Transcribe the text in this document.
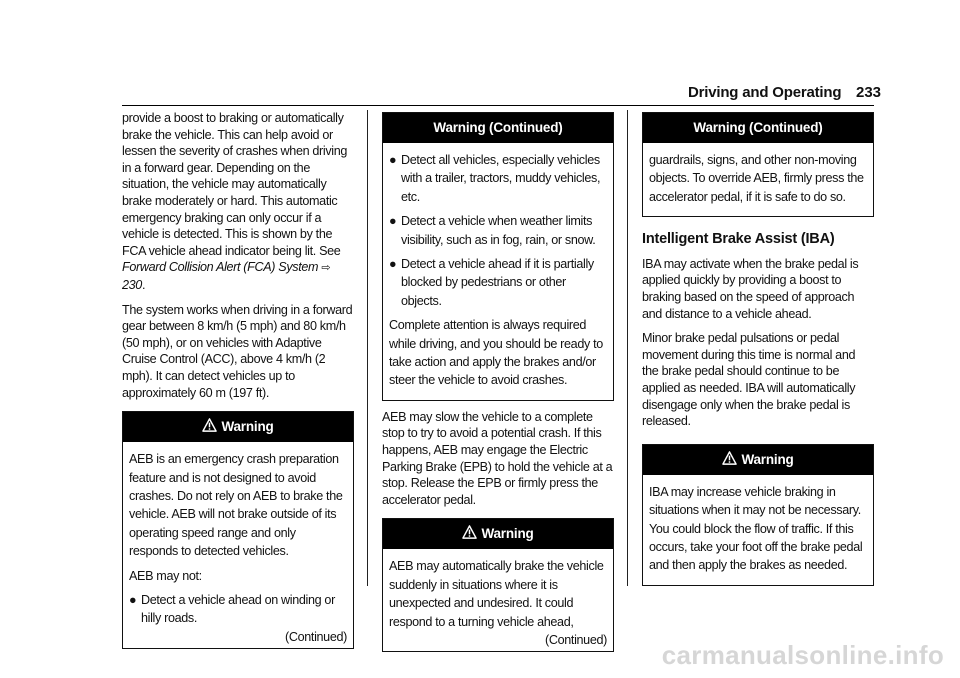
Driving and Operating 233

provide a boost to braking or automatically brake the vehicle. This can help avoid or lessen the severity of crashes when driving in a forward gear. Depending on the situation, the vehicle may automatically brake moderately or hard. This automatic emergency braking can only occur if a vehicle is detected. This is shown by the FCA vehicle ahead indicator being lit. See Forward Collision Alert (FCA) System ⇨ 230.

The system works when driving in a forward gear between 8 km/h (5 mph) and 80 km/h (50 mph), or on vehicles with Adaptive Cruise Control (ACC), above 4 km/h (2 mph). It can detect vehicles up to approximately 60 m (197 ft).

Warning

AEB is an emergency crash preparation feature and is not designed to avoid crashes. Do not rely on AEB to brake the vehicle. AEB will not brake outside of its operating speed range and only responds to detected vehicles.

AEB may not:

● Detect a vehicle ahead on winding or hilly roads.
(Continued)
Warning (Continued)
● Detect all vehicles, especially vehicles with a trailer, tractors, muddy vehicles, etc.
● Detect a vehicle when weather limits visibility, such as in fog, rain, or snow.
● Detect a vehicle ahead if it is partially blocked by pedestrians or other objects.

Complete attention is always required while driving, and you should be ready to take action and apply the brakes and/or steer the vehicle to avoid crashes.

AEB may slow the vehicle to a complete stop to try to avoid a potential crash. If this happens, AEB may engage the Electric Parking Brake (EPB) to hold the vehicle at a stop. Release the EPB or firmly press the accelerator pedal.

Warning

AEB may automatically brake the vehicle suddenly in situations where it is unexpected and undesired. It could respond to a turning vehicle ahead,

(Continued)
Warning (Continued)

guardrails, signs, and other non-moving objects. To override AEB, firmly press the accelerator pedal, if it is safe to do so.

Intelligent Brake Assist (IBA)

IBA may activate when the brake pedal is applied quickly by providing a boost to braking based on the speed of approach and distance to a vehicle ahead.

Minor brake pedal pulsations or pedal movement during this time is normal and the brake pedal should continue to be applied as needed. IBA will automatically disengage only when the brake pedal is released.

Warning

IBA may increase vehicle braking in situations when it may not be necessary. You could block the flow of traffic. If this occurs, take your foot off the brake pedal and then apply the brakes as needed.

carmanualsonline.info
